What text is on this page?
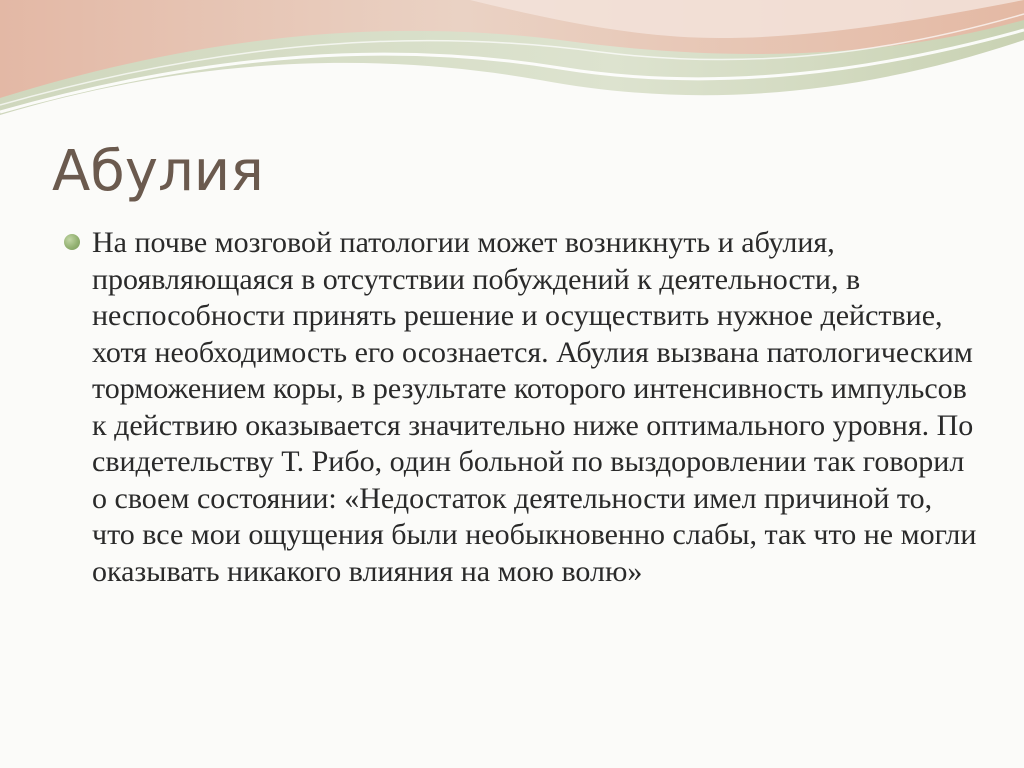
Абулия

На почве мозговой патологии может возникнуть и абулия, проявляющаяся в отсутствии побуждений к деятельности, в неспособности принять решение и осуществить нужное действие, хотя необходимость его осознается. Абулия вызвана патологическим торможением коры, в результате которого интенсивность импульсов к действию оказывается значительно ниже оптимального уровня. По свидетельству Т. Рибо, один больной по выздоровлении так говорил о своем состоянии: «Недостаток деятельности имел причиной то, что все мои ощущения были необыкновенно слабы, так что не могли оказывать никакого влияния на мою волю»
